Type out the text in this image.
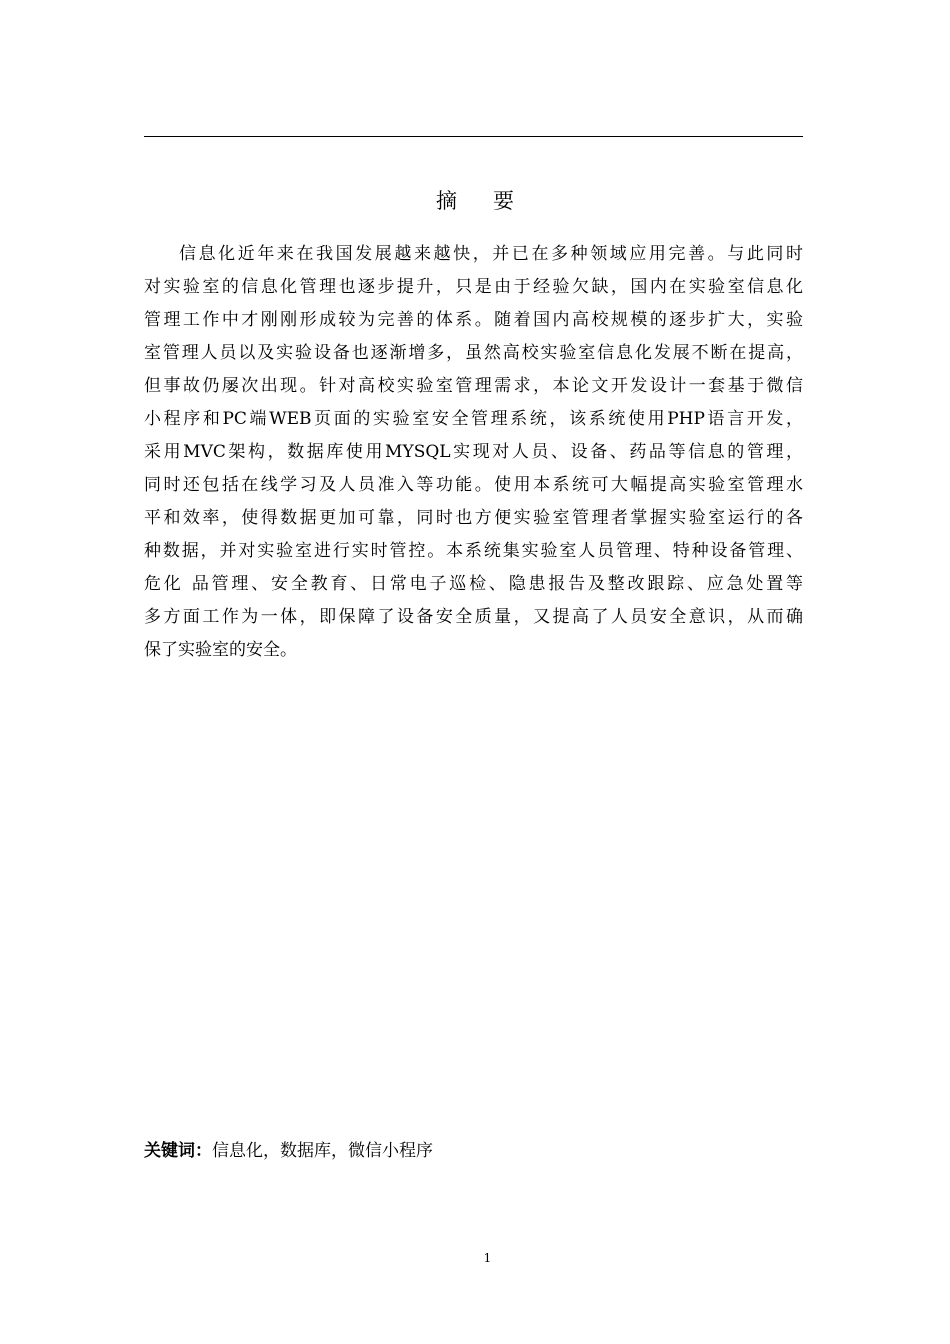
摘要
信息化近年来在我国发展越来越快，并已在多种领域应用完善。与此同时
对实验室的信息化管理也逐步提升，只是由于经验欠缺，国内在实验室信息化
管理工作中才刚刚形成较为完善的体系。随着国内高校规模的逐步扩大，实验
室管理人员以及实验设备也逐渐增多，虽然高校实验室信息化发展不断在提高，
但事故仍屡次出现。针对高校实验室管理需求，本论文开发设计一套基于微信
小程序和PC端WEB页面的实验室安全管理系统，该系统使用PHP语言开发，
采用MVC架构，数据库使用MYSQL实现对人员、设备、药品等信息的管理，
同时还包括在线学习及人员准入等功能。使用本系统可大幅提高实验室管理水
平和效率，使得数据更加可靠，同时也方便实验室管理者掌握实验室运行的各
种数据，并对实验室进行实时管控。本系统集实验室人员管理、特种设备管理、
危化 品管理、安全教育、日常电子巡检、隐患报告及整改跟踪、应急处置等
多方面工作为一体，即保障了设备安全质量，又提高了人员安全意识，从而确
保了实验室的安全。
关键词：信息化，数据库，微信小程序
1
